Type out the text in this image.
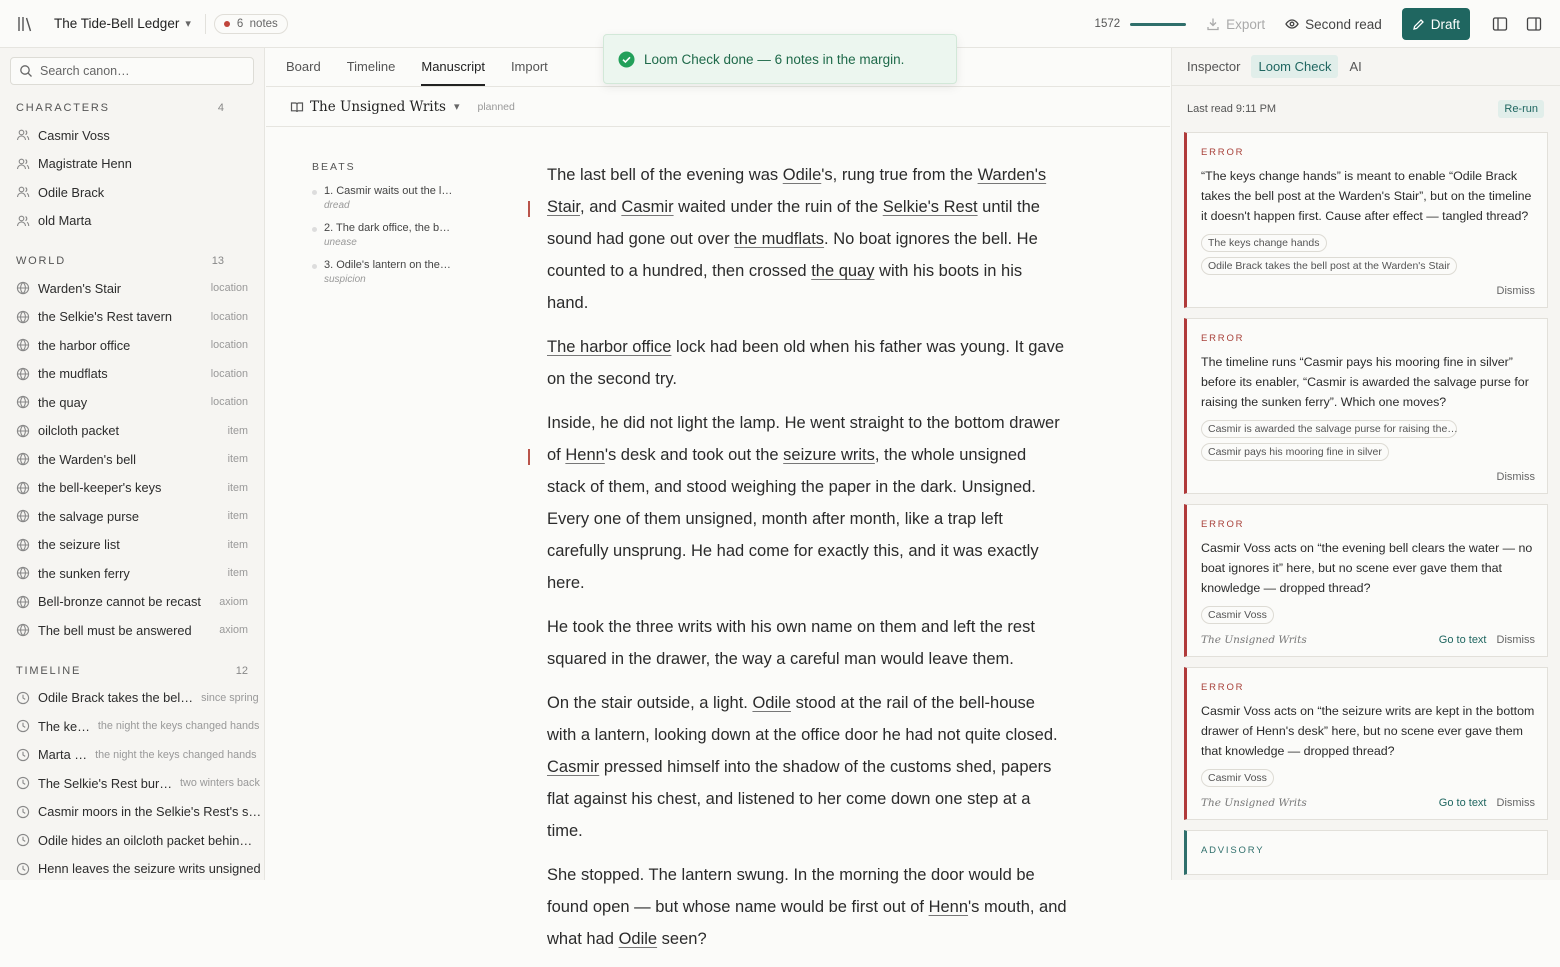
The Tide-Bell Ledger ▾	6
notes	1572	Export	Second read	Draft
Search canon…
CHARACTERS	4
Casmir Voss
Magistrate Henn
Odile Brack
old Marta
WORLD	13
Warden's Stair	location
the Selkie's Rest tavern	location
the harbor office	location
the mudflats	location
the quay	location
oilcloth packet	item
the Warden's bell	item
the bell-keeper's keys	item
the salvage purse	item
the seizure list	item
the sunken ferry	item
Bell-bronze cannot be recast	axiom
The bell must be answered	axiom
TIMELINE	12
Odile Brack takes the bel… since spring
The ke… the night the keys changed hands
Marta … the night the keys changed hands
The Selkie's Rest bur… two winters back
Casmir moors in the Selkie's Rest's s…
Odile hides an oilcloth packet behin…
Henn leaves the seizure writs unsigned
Board Timeline Manuscript Import
The Unsigned Writs ▾ planned
BEATS
1. Casmir waits out the l…
dread
2. The dark office, the b…
unease
3. Odile's lantern on the…
suspicion

The last bell of the evening was Odile's, rung true from the Warden's Stair, and Casmir waited under the ruin of the Selkie's Rest until the sound had gone out over the mudflats. No boat ignores the bell. He counted to a hundred, then crossed the quay with his boots in his hand.

The harbor office lock had been old when his father was young. It gave on the second try.

Inside, he did not light the lamp. He went straight to the bottom drawer of Henn's desk and took out the seizure writs, the whole unsigned stack of them, and stood weighing the paper in the dark. Unsigned. Every one of them unsigned, month after month, like a trap left carefully unsprung. He had come for exactly this, and it was exactly here.

He took the three writs with his own name on them and left the rest squared in the drawer, the way a careful man would leave them.

On the stair outside, a light. Odile stood at the rail of the bell-house with a lantern, looking down at the office door he had not quite closed. Casmir pressed himself into the shadow of the customs shed, papers flat against his chest, and listened to her come down one step at a time.

She stopped. The lantern swung. In the morning the door would be found open — but whose name would be first out of Henn's mouth, and what had Odile seen?

Loom Check done — 6 notes in the margin.	Inspector	Loom Check	AI
Last read 9:11 PM	Re-run
ERROR
“The keys change hands” is meant to enable “Odile Brack takes the bell post at the Warden's Stair”, but on the timeline it doesn't happen first. Cause after effect — tangled thread?
The keys change hands
Odile Brack takes the bell post at the Warden's Stair
Dismiss
ERROR
The timeline runs “Casmir pays his mooring fine in silver” before its enabler, “Casmir is awarded the salvage purse for raising the sunken ferry”. Which one moves?
Casmir is awarded the salvage purse for raising the…
Casmir pays his mooring fine in silver
Dismiss
ERROR
Casmir Voss acts on “the evening bell clears the water — no boat ignores it” here, but no scene ever gave them that knowledge — dropped thread?
Casmir Voss
The Unsigned Writs	Go to text Dismiss
ERROR
Casmir Voss acts on “the seizure writs are kept in the bottom drawer of Henn's desk” here, but no scene ever gave them that knowledge — dropped thread?
Casmir Voss
The Unsigned Writs	Go to text Dismiss
ADVISORY
